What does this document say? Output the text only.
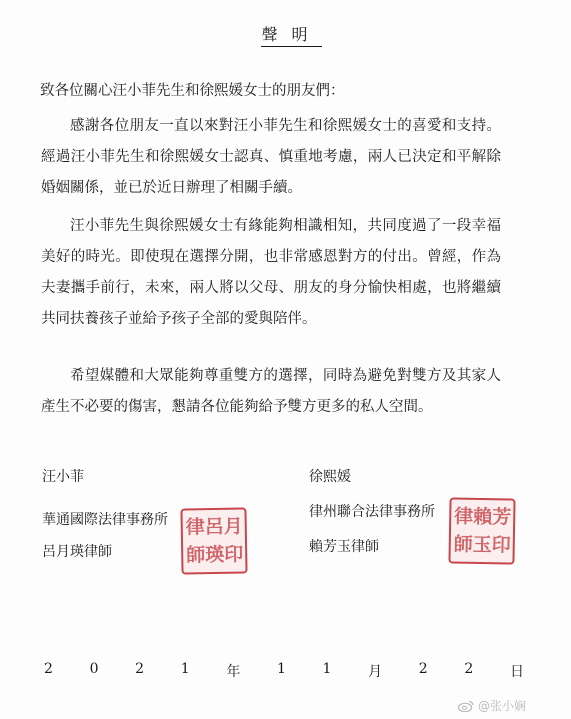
聲明
致各位關心汪小菲先生和徐熙媛女士的朋友們：
感謝各位朋友一直以來對汪小菲先生和徐熙媛女士的喜愛和支持。經過汪小菲先生和徐熙媛女士認真、慎重地考慮，兩人已決定和平解除婚姻關係，並已於近日辦理了相關手續。
汪小菲先生與徐熙媛女士有緣能夠相識相知，共同度過了一段幸福美好的時光。即使現在選擇分開，也非常感恩對方的付出。曾經，作為夫妻攜手前行，未來，兩人將以父母、朋友的身分愉快相處，也將繼續共同扶養孩子並給予孩子全部的愛與陪伴。
希望媒體和大眾能夠尊重雙方的選擇，同時為避免對雙方及其家人產生不必要的傷害，懇請各位能夠給予雙方更多的私人空間。
汪小菲
華通國際法律事務所
呂月瑛律師
律 呂 月
師 瑛 印
徐熙媛
律州聯合法律事務所
賴芳玉律師
律 賴 芳
師 玉 印
2	0	2	1	年	1	1	月	2	2	日
@张小娴
